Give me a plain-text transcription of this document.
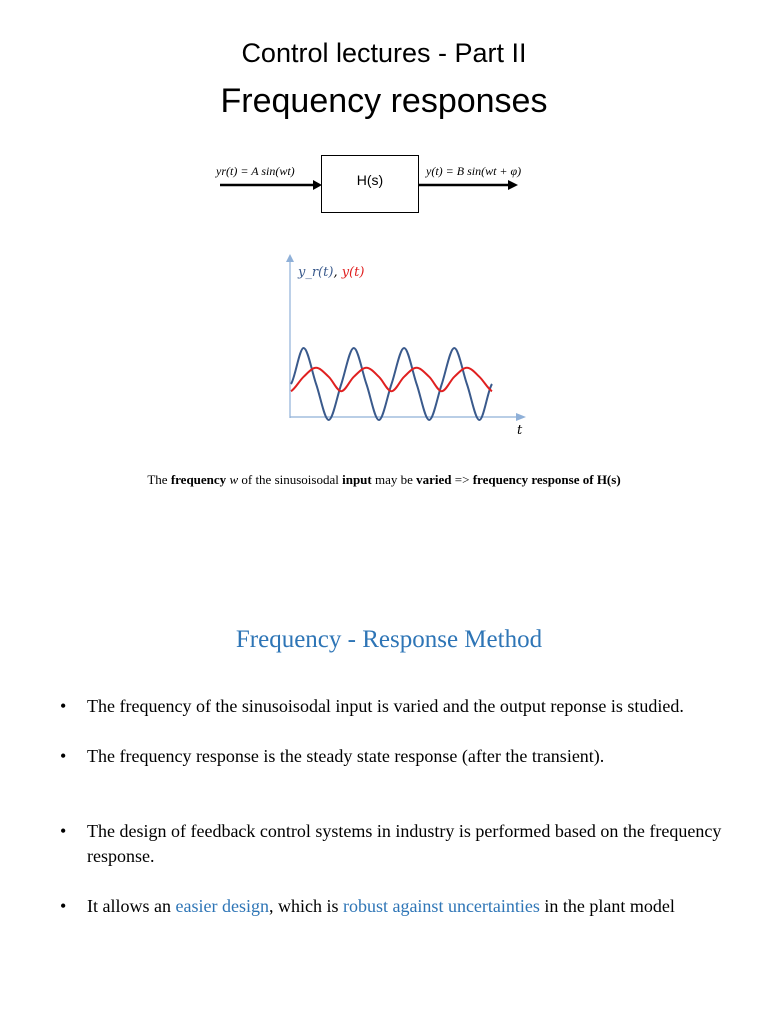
Control lectures - Part II
Frequency responses
yr(t) = A sin(wt)
H(s)
y(t) = B sin(wt + φ)
y_r(t), y(t)
t
The frequency w of the sinusoisodal input may be varied => frequency response of H(s)
Frequency - Response Method
• The frequency of the sinusoisodal input is varied and the output reponse is studied.
• The frequency response is the steady state response (after the transient).
• The design of feedback control systems in industry is performed based on the frequency response.
• It allows an easier design, which is robust against uncertainties in the plant model
